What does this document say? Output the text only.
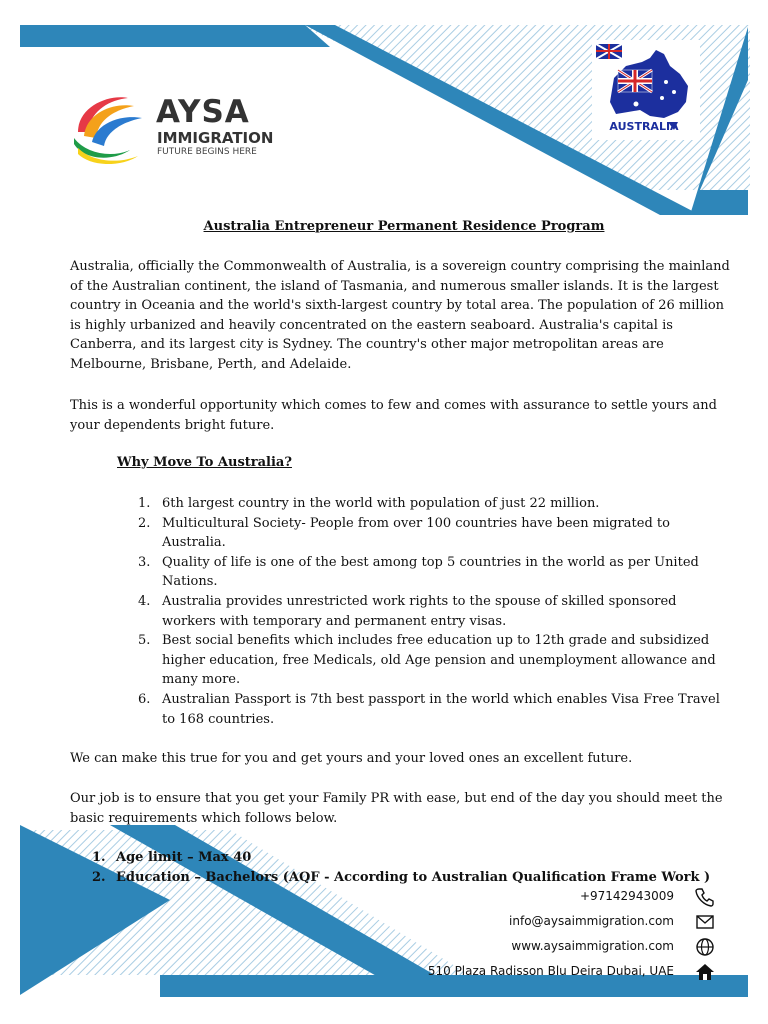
AYSA
IMMIGRATION
FUTURE BEGINS HERE
AUSTRALIA
Australia Entrepreneur Permanent Residence Program
Australia, officially the Commonwealth of Australia, is a sovereign country comprising the mainland of the Australian continent, the island of Tasmania, and numerous smaller islands. It is the largest country in Oceania and the world's sixth-largest country by total area. The population of 26 million is highly urbanized and heavily concentrated on the eastern seaboard. Australia's capital is Canberra, and its largest city is Sydney. The country's other major metropolitan areas are Melbourne, Brisbane, Perth, and Adelaide.
This is a wonderful opportunity which comes to few and comes with assurance to settle yours and your dependents bright future.
Why Move To Australia?
1. 6th largest country in the world with population of just 22 million.
2. Multicultural Society- People from over 100 countries have been migrated to Australia.
3. Quality of life is one of the best among top 5 countries in the world as per United Nations.
4. Australia provides unrestricted work rights to the spouse of skilled sponsored workers with temporary and permanent entry visas.
5. Best social benefits which includes free education up to 12th grade and subsidized higher education, free Medicals, old Age pension and unemployment allowance and many more.
6. Australian Passport is 7th best passport in the world which enables Visa Free Travel to 168 countries.
We can make this true for you and get yours and your loved ones an excellent future.
Our job is to ensure that you get your Family PR with ease, but end of the day you should meet the basic requirements which follows below.
1. Age limit – Max 40
2. Education – Bachelors (AQF - According to Australian Qualification Frame Work )
+97142943009
info@aysaimmigration.com
www.aysaimmigration.com
510 Plaza Radisson Blu Deira Dubai, UAE
